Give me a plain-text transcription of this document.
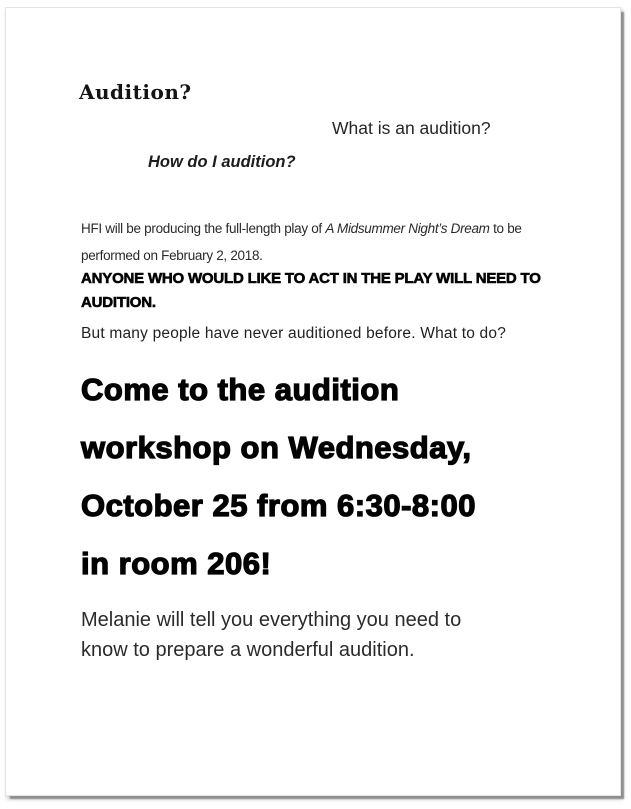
Audition?
What is an audition?
How do I audition?
HFI will be producing the full-length play of A Midsummer Night’s Dream to be
performed on February 2, 2018.
ANYONE WHO WOULD LIKE TO ACT IN THE PLAY WILL NEED TO
AUDITION.
But many people have never auditioned before. What to do?
Come to the audition
workshop on Wednesday,
October 25 from 6:30-8:00
in room 206!
Melanie will tell you everything you need to
know to prepare a wonderful audition.
